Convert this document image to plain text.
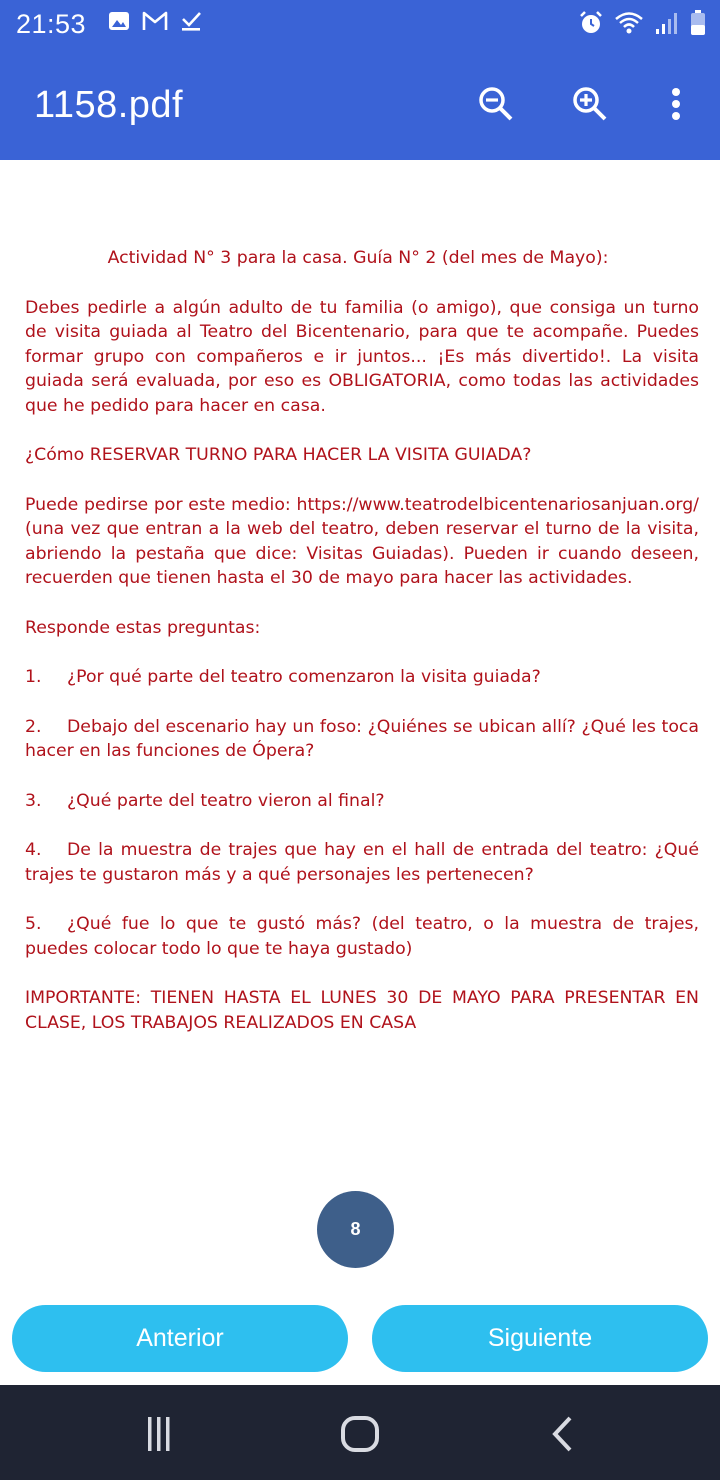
21:53
1158.pdf

Actividad N° 3 para la casa. Guía N° 2 (del mes de Mayo):

Debes pedirle a algún adulto de tu familia (o amigo), que consiga un turno de visita guiada al Teatro del Bicentenario, para que te acompañe. Puedes formar grupo con compañeros e ir juntos... ¡Es más divertido!. La visita guiada será evaluada, por eso es OBLIGATORIA, como todas las actividades que he pedido para hacer en casa.

¿Cómo RESERVAR TURNO PARA HACER LA VISITA GUIADA?

Puede pedirse por este medio: https://www.teatrodelbicentenariosanjuan.org/ (una vez que entran a la web del teatro, deben reservar el turno de la visita, abriendo la pestaña que dice: Visitas Guiadas). Pueden ir cuando deseen, recuerden que tienen hasta el 30 de mayo para hacer las actividades.

Responde estas preguntas:

1. ¿Por qué parte del teatro comenzaron la visita guiada?

2. Debajo del escenario hay un foso: ¿Quiénes se ubican allí? ¿Qué les toca hacer en las funciones de Ópera?

3. ¿Qué parte del teatro vieron al final?

4. De la muestra de trajes que hay en el hall de entrada del teatro: ¿Qué trajes te gustaron más y a qué personajes les pertenecen?

5. ¿Qué fue lo que te gustó más? (del teatro, o la muestra de trajes, puedes colocar todo lo que te haya gustado)

IMPORTANTE: TIENEN HASTA EL LUNES 30 DE MAYO PARA PRESENTAR EN CLASE, LOS TRABAJOS REALIZADOS EN CASA

8
Anterior	Siguiente
